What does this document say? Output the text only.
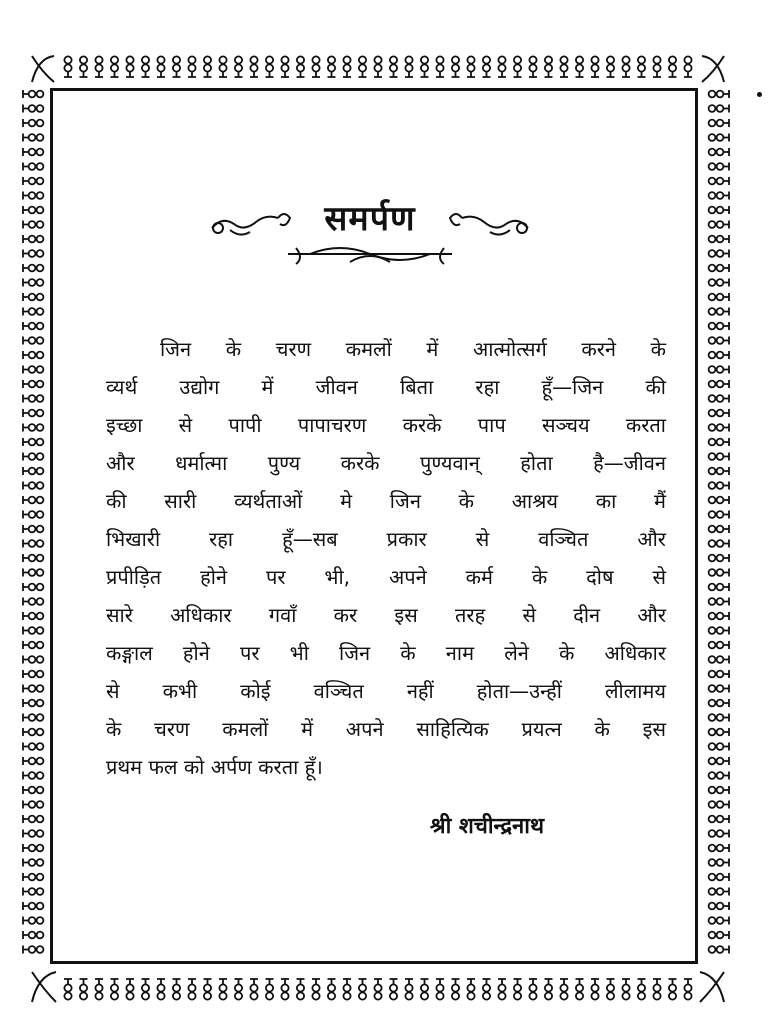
समर्पण
जिन के चरण कमलों में आत्मोत्सर्ग करने के
व्यर्थ उद्योग में जीवन बिता रहा हूँ—जिन की
इच्छा से पापी पापाचरण करके पाप सञ्चय करता
और धर्मात्मा पुण्य करके पुण्यवान् होता है—जीवन
की सारी व्यर्थताओं मे जिन के आश्रय का मैं
भिखारी रहा हूँ—सब प्रकार से वञ्चित और
प्रपीड़ित होने पर भी, अपने कर्म के दोष से
सारे अधिकार गवाँ कर इस तरह से दीन और
कङ्गाल होने पर भी जिन के नाम लेने के अधिकार
से कभी कोई वञ्चित नहीं होता—उन्हीं लीलामय
के चरण कमलों में अपने साहित्यिक प्रयत्न के इस
प्रथम फल को अर्पण करता हूँ।
श्री शचीन्द्रनाथ
